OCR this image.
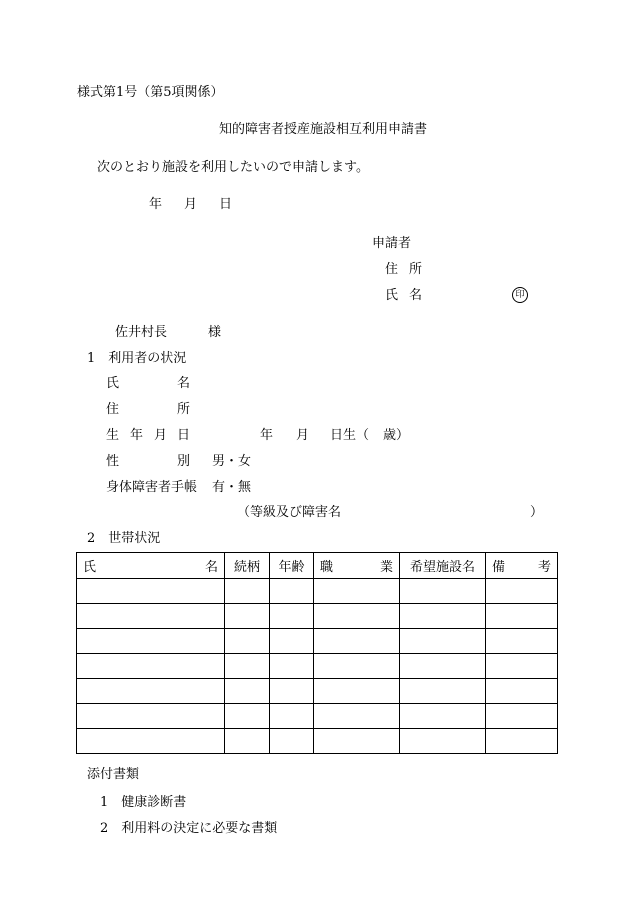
様式第1号（第5項関係）
知的障害者授産施設相互利用申請書
次のとおり施設を利用したいので申請します。
年 月 日
申請者
住 所
氏 名	印
佐井村長	様
1　利用者の状況
氏	名
住	所
生 年 月 日	年 月 日生（ 歳）
性	別 男・女
身体障害者手帳 有・無
（等級及び障害名	）
2　世帯状況
氏 名	続柄	年齢	職 業	希望施設名	備 考

添付書類
1　健康診断書
2　利用料の決定に必要な書類
